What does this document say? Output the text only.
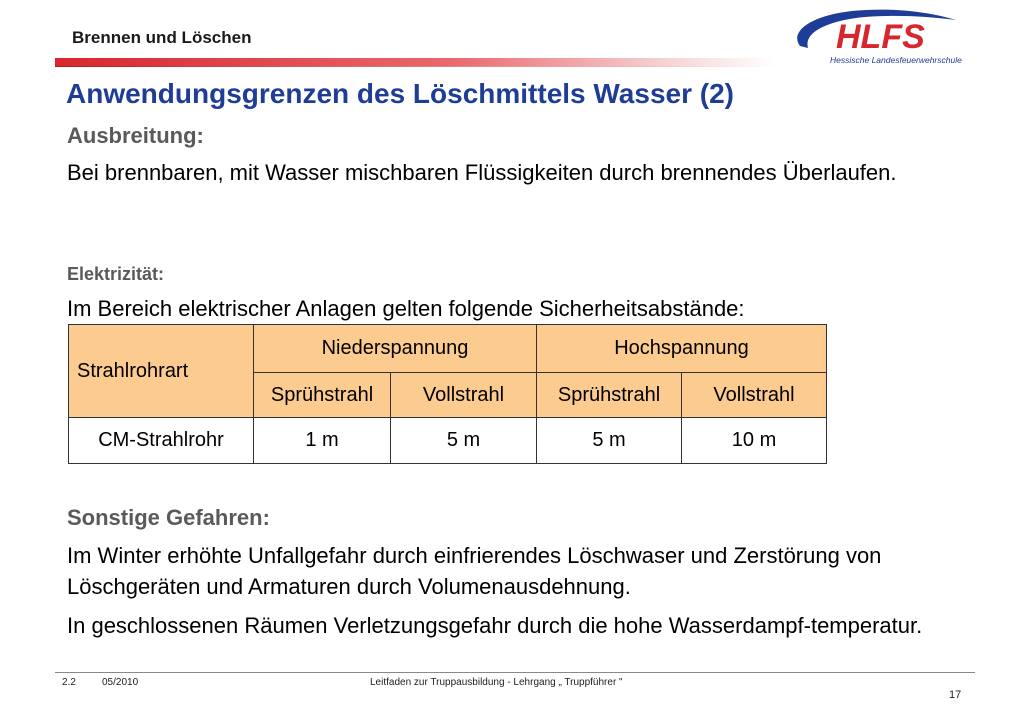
Brennen und Löschen	HLFS
Hessische Landesfeuerwehrschule
Anwendungsgrenzen des Löschmittels Wasser (2)
Ausbreitung:
Bei brennbaren, mit Wasser mischbaren Flüssigkeiten durch brennendes Überlaufen.
Elektrizität:
Im Bereich elektrischer Anlagen gelten folgende Sicherheitsabstände:
Strahlrohrart	Niederspannung		Hochspannung	
	Sprühstrahl	Vollstrahl	Sprühstrahl	Vollstrahl
CM-Strahlrohr	1 m	5 m	5 m	10 m
Sonstige Gefahren:
Im Winter erhöhte Unfallgefahr durch einfrierendes Löschwaser und Zerstörung von Löschgeräten und Armaturen durch Volumenausdehnung.
In geschlossenen Räumen Verletzungsgefahr durch die hohe Wasserdampf-temperatur.
2.2	05/2010	Leitfaden zur Truppausbildung - Lehrgang „ Truppführer "
17
